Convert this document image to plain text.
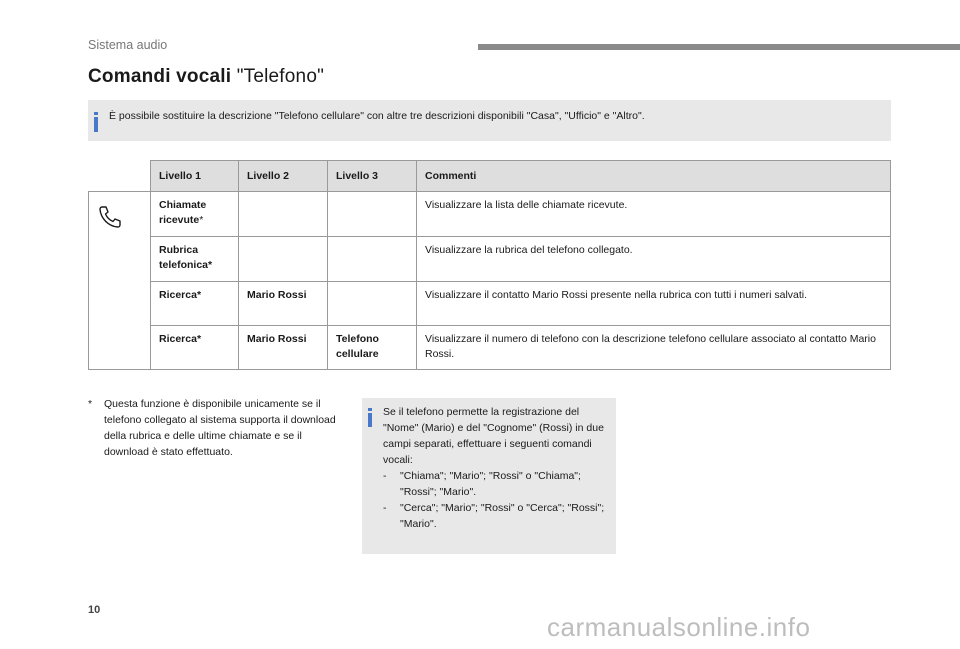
Sistema audio
Comandi vocali "Telefono"
È possibile sostituire la descrizione "Telefono cellulare" con altre tre descrizioni disponibili "Casa", "Ufficio" e "Altro".
	Livello 1	Livello 2	Livello 3	Commenti
	Chiamate ricevute*			Visualizzare la lista delle chiamate ricevute.
	Rubrica telefonica*			Visualizzare la rubrica del telefono collegato.
	Ricerca*	Mario Rossi		Visualizzare il contatto Mario Rossi presente nella rubrica con tutti i numeri salvati.
	Ricerca*	Mario Rossi	Telefono cellulare	Visualizzare il numero di telefono con la descrizione telefono cellulare associato al contatto Mario Rossi.
*	Questa funzione è disponibile unicamente se il telefono collegato al sistema supporta il download della rubrica e delle ultime chiamate e se il download è stato effettuato.
Se il telefono permette la registrazione del "Nome" (Mario) e del "Cognome" (Rossi) in due campi separati, effettuare i seguenti comandi vocali:
- "Chiama"; "Mario"; "Rossi" o "Chiama"; "Rossi"; "Mario".
- "Cerca"; "Mario"; "Rossi" o "Cerca"; "Rossi"; "Mario".
10
carmanualsonline.info
